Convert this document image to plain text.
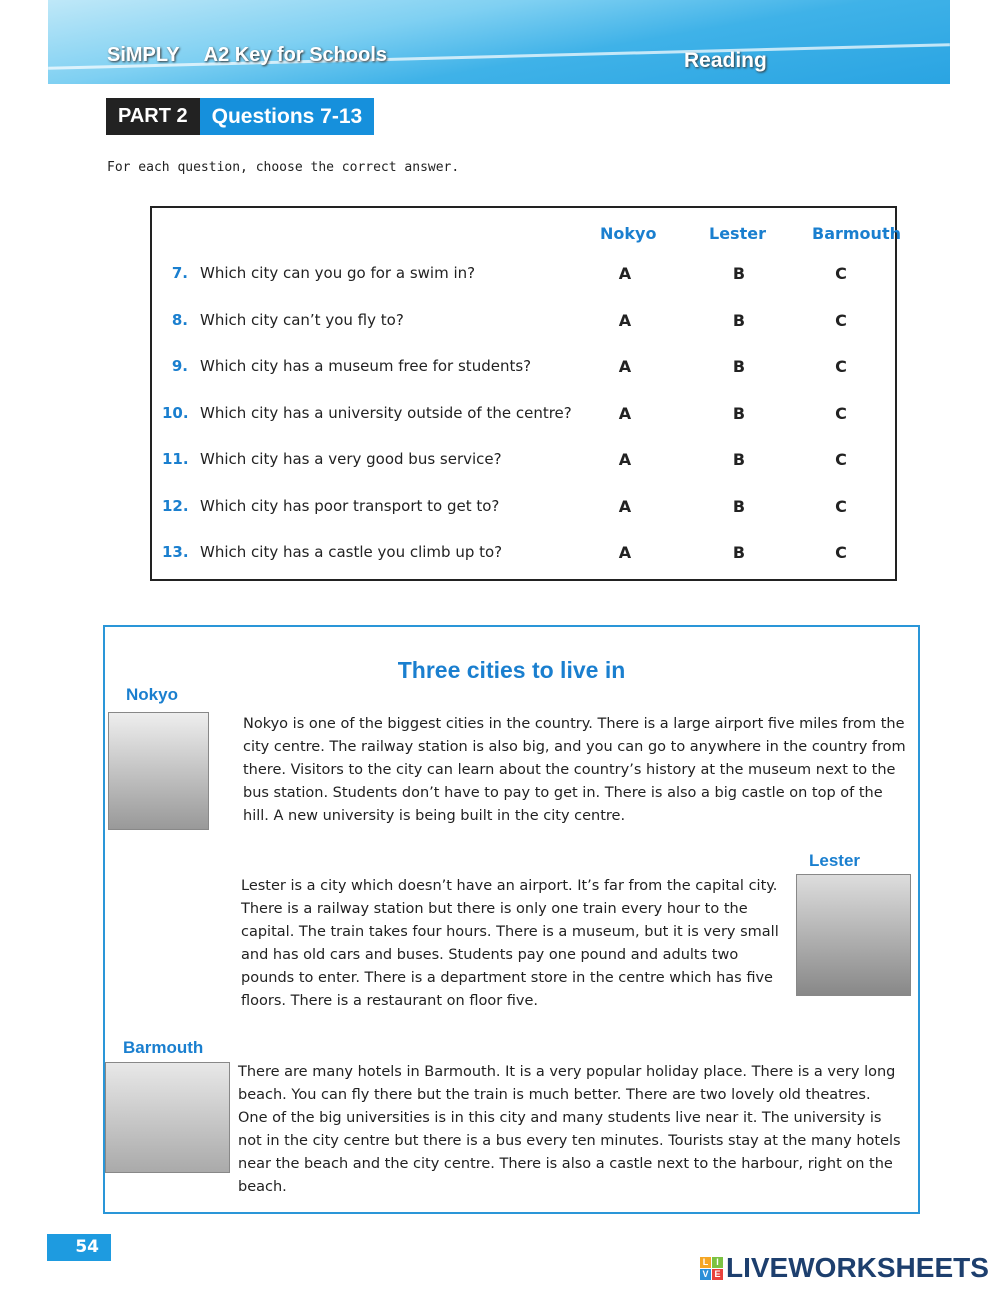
SiMPLY A2 Key for Schools	Reading
PART 2	Questions 7-13
For each question, choose the correct answer.
Nokyo	Lester	Barmouth
7. Which city can you go for a swim in?	A	B	C
8. Which city can’t you fly to?	A	B	C
9. Which city has a museum free for students?	A	B	C
10. Which city has a university outside of the centre?	A	B	C
11. Which city has a very good bus service?	A	B	C
12. Which city has poor transport to get to?	A	B	C
13. Which city has a castle you climb up to?	A	B	C
Three cities to live in
Nokyo
Nokyo is one of the biggest cities in the country. There is a large airport five miles from the city centre. The railway station is also big, and you can go to anywhere in the country from there. Visitors to the city can learn about the country’s history at the museum next to the bus station. Students don’t have to pay to get in. There is also a big castle on top of the hill. A new university is being built in the city centre.
Lester
Lester is a city which doesn’t have an airport. It’s far from the capital city. There is a railway station but there is only one train every hour to the capital. The train takes four hours. There is a museum, but it is very small and has old cars and buses. Students pay one pound and adults two pounds to enter. There is a department store in the centre which has five floors. There is a restaurant on floor five.
Barmouth
There are many hotels in Barmouth. It is a very popular holiday place. There is a very long beach. You can fly there but the train is much better. There are two lovely old theatres. One of the big universities is in this city and many students live near it. The university is not in the city centre but there is a bus every ten minutes. Tourists stay at the many hotels near the beach and the city centre. There is also a castle next to the harbour, right on the beach.
54
L I
V E LIVEWORKSHEETS
